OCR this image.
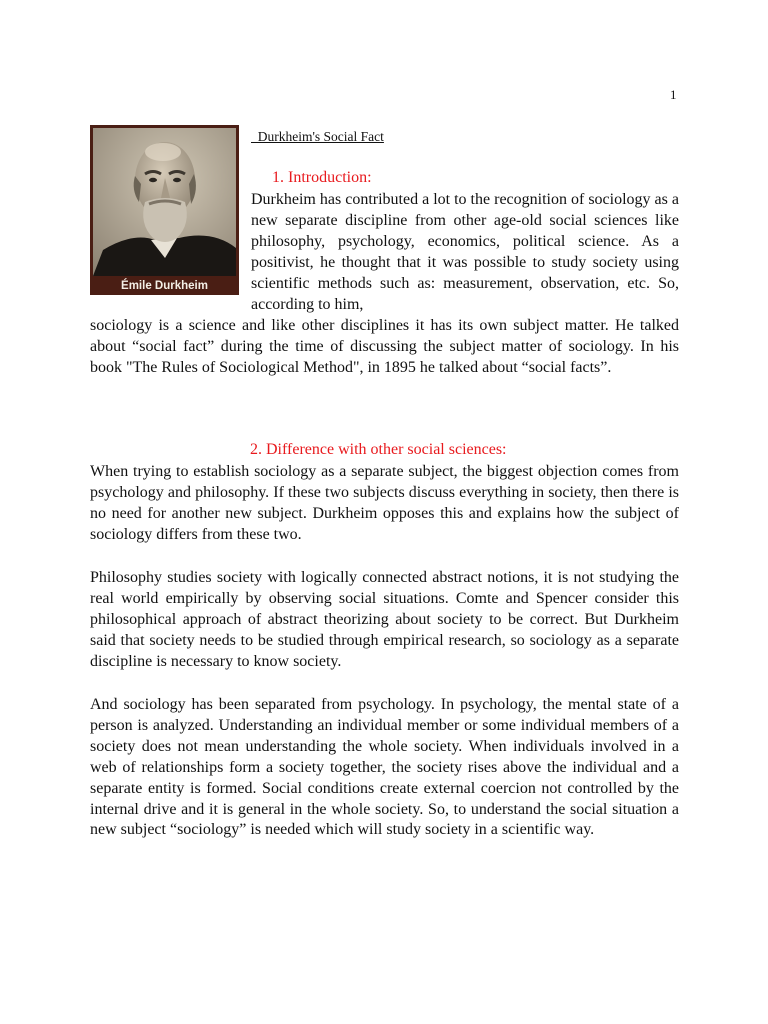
1
Émile Durkheim
Durkheim's Social Fact
1. Introduction:

Durkheim has contributed a lot to the recognition of sociology as a new separate discipline from other age-old social sciences like philosophy, psychology, economics, political science. As a positivist, he thought that it was possible to study society using scientific methods such as: measurement, observation, etc. So, according to him,

sociology is a science and like other disciplines it has its own subject matter. He talked about “social fact” during the time of discussing the subject matter of sociology. In his book "The Rules of Sociological Method", in 1895 he talked about “social facts”.

2. Difference with other social sciences:

When trying to establish sociology as a separate subject, the biggest objection comes from psychology and philosophy. If these two subjects discuss everything in society, then there is no need for another new subject. Durkheim opposes this and explains how the subject of sociology differs from these two.

Philosophy studies society with logically connected abstract notions, it is not studying the real world empirically by observing social situations. Comte and Spencer consider this philosophical approach of abstract theorizing about society to be correct. But Durkheim said that society needs to be studied through empirical research, so sociology as a separate discipline is necessary to know society.

And sociology has been separated from psychology. In psychology, the mental state of a person is analyzed. Understanding an individual member or some individual members of a society does not mean understanding the whole society. When individuals involved in a web of relationships form a society together, the society rises above the individual and a separate entity is formed. Social conditions create external coercion not controlled by the internal drive and it is general in the whole society. So, to understand the social situation a new subject “sociology” is needed which will study society in a scientific way.
